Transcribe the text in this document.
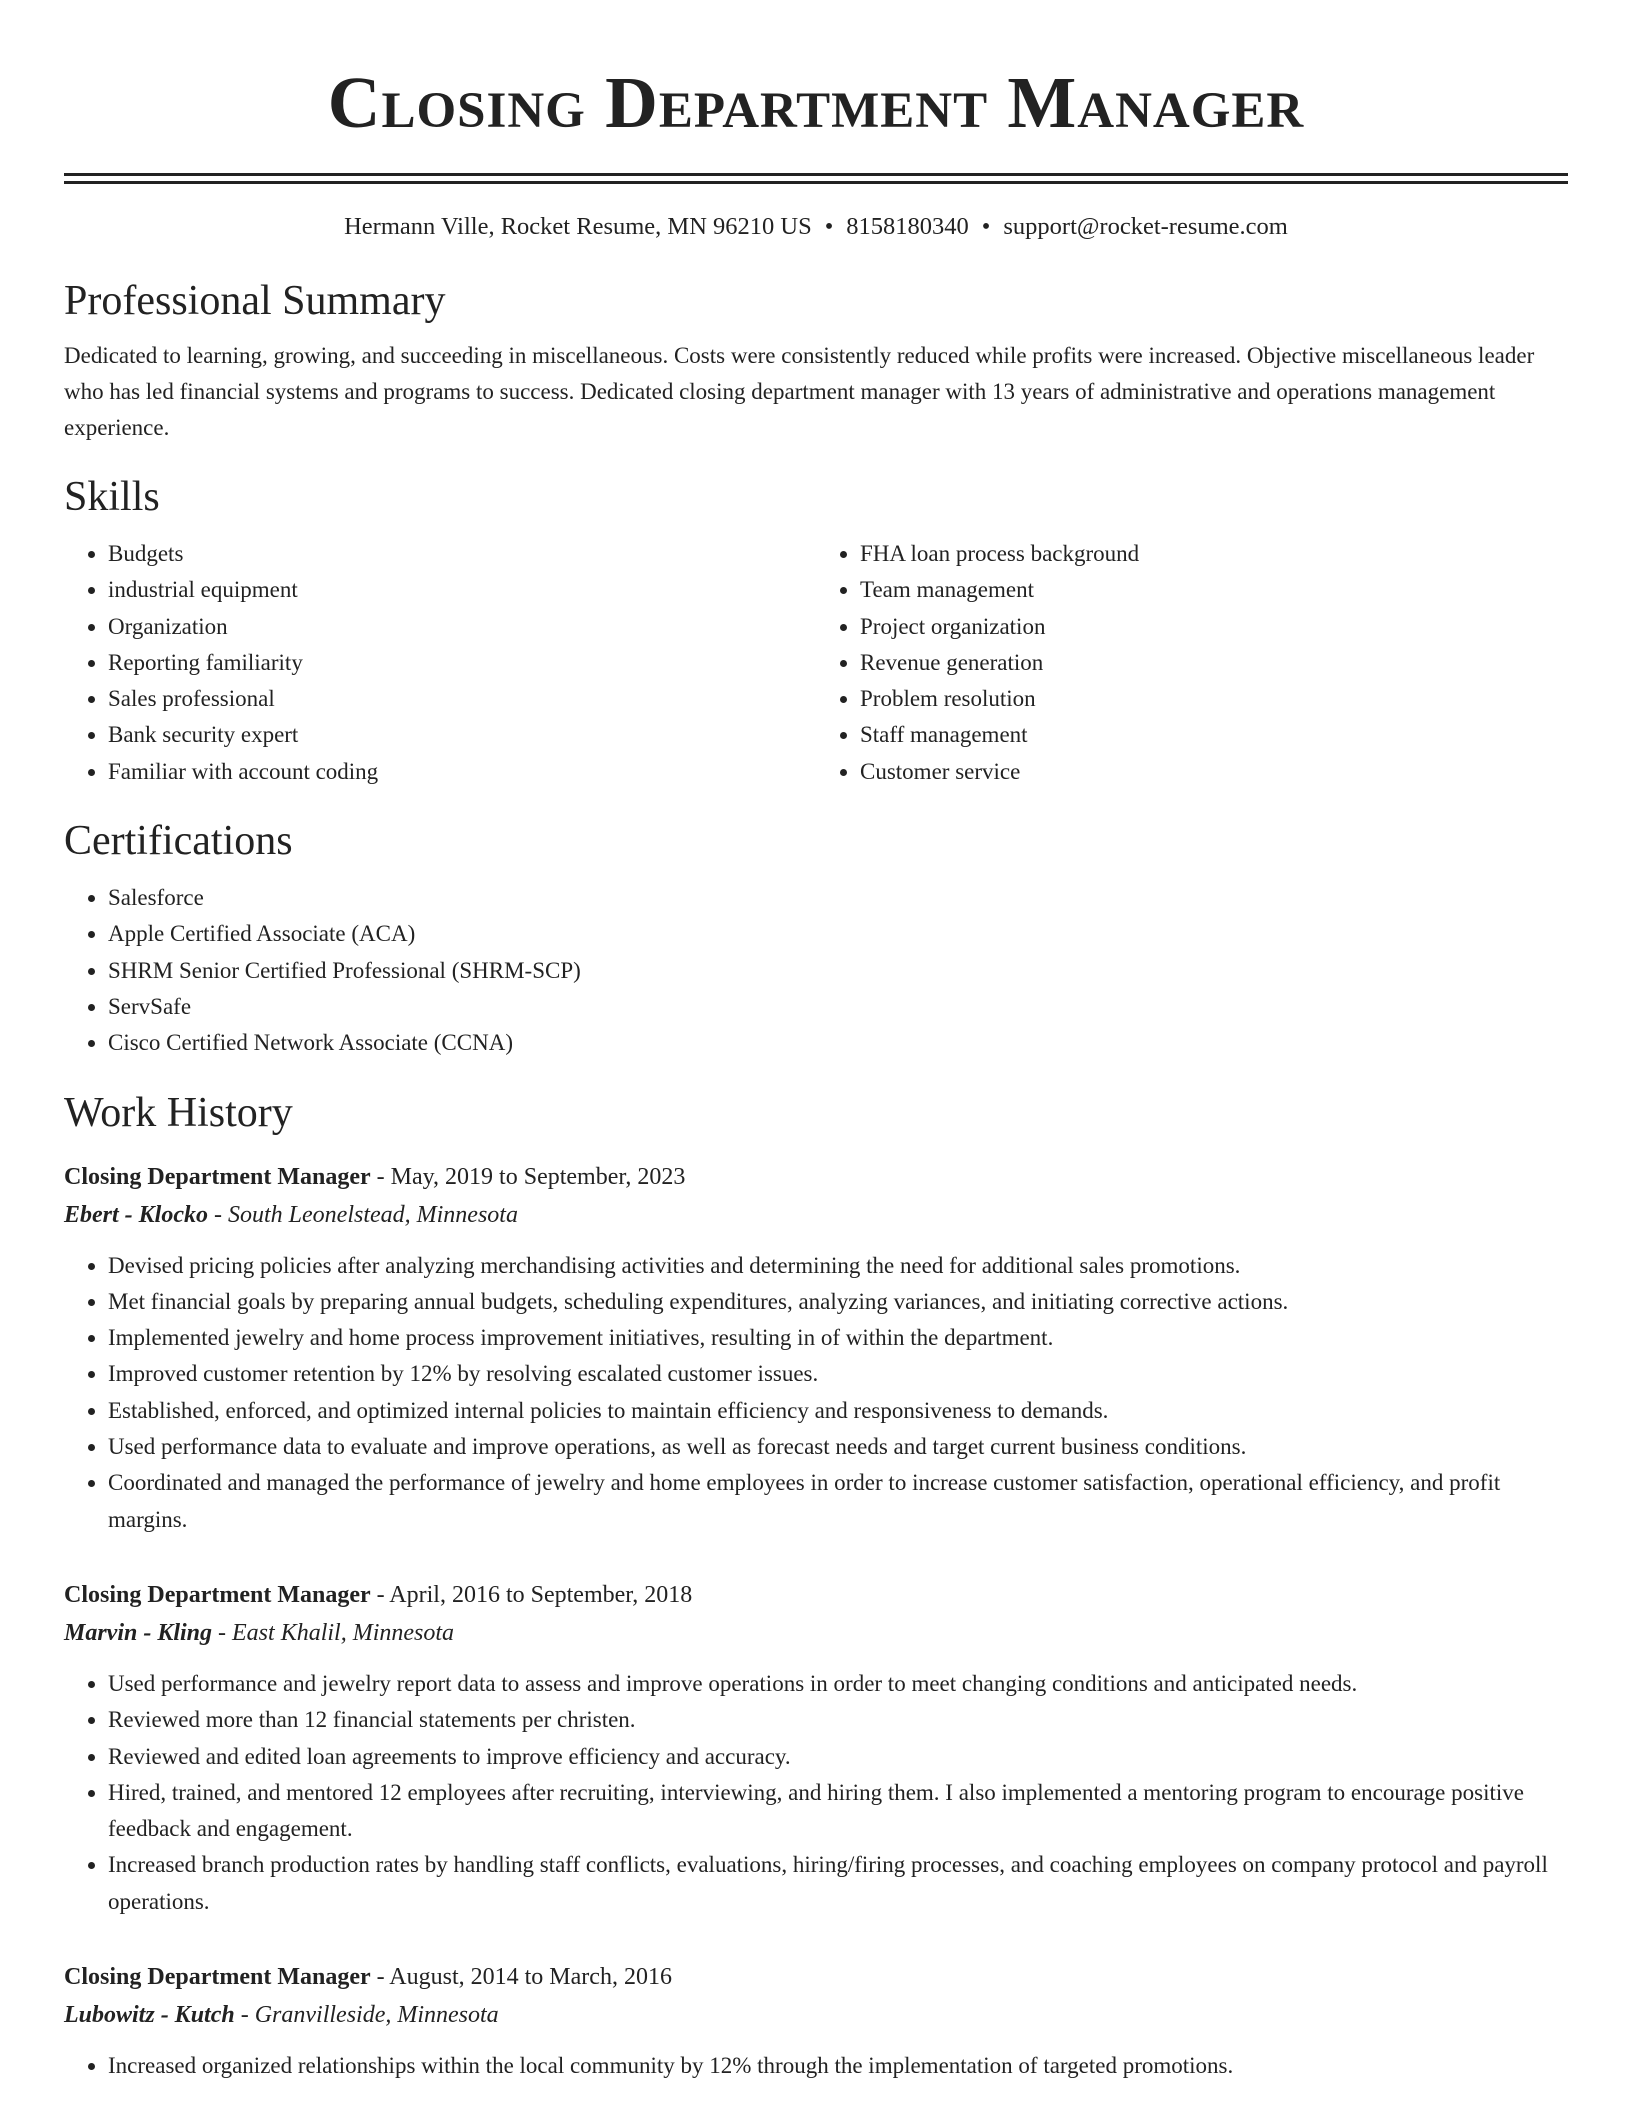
Closing Department Manager
Hermann Ville, Rocket Resume, MN 96210 US • 8158180340 • support@rocket-resume.com
Professional Summary
Dedicated to learning, growing, and succeeding in miscellaneous. Costs were consistently reduced while profits were increased. Objective miscellaneous leader who has led financial systems and programs to success. Dedicated closing department manager with 13 years of administrative and operations management experience.
Skills
• Budgets
• industrial equipment
• Organization
• Reporting familiarity
• Sales professional
• Bank security expert
• Familiar with account coding
• FHA loan process background
• Team management
• Project organization
• Revenue generation
• Problem resolution
• Staff management
• Customer service
Certifications
• Salesforce
• Apple Certified Associate (ACA)
• SHRM Senior Certified Professional (SHRM-SCP)
• ServSafe
• Cisco Certified Network Associate (CCNA)
Work History
Closing Department Manager - May, 2019 to September, 2023
Ebert - Klocko - South Leonelstead, Minnesota
• Devised pricing policies after analyzing merchandising activities and determining the need for additional sales promotions.
• Met financial goals by preparing annual budgets, scheduling expenditures, analyzing variances, and initiating corrective actions.
• Implemented jewelry and home process improvement initiatives, resulting in of within the department.
• Improved customer retention by 12% by resolving escalated customer issues.
• Established, enforced, and optimized internal policies to maintain efficiency and responsiveness to demands.
• Used performance data to evaluate and improve operations, as well as forecast needs and target current business conditions.
• Coordinated and managed the performance of jewelry and home employees in order to increase customer satisfaction, operational efficiency, and profit margins.
Closing Department Manager - April, 2016 to September, 2018
Marvin - Kling - East Khalil, Minnesota
• Used performance and jewelry report data to assess and improve operations in order to meet changing conditions and anticipated needs.
• Reviewed more than 12 financial statements per christen.
• Reviewed and edited loan agreements to improve efficiency and accuracy.
• Hired, trained, and mentored 12 employees after recruiting, interviewing, and hiring them. I also implemented a mentoring program to encourage positive feedback and engagement.
• Increased branch production rates by handling staff conflicts, evaluations, hiring/firing processes, and coaching employees on company protocol and payroll operations.
Closing Department Manager - August, 2014 to March, 2016
Lubowitz - Kutch - Granvilleside, Minnesota
• Increased organized relationships within the local community by 12% through the implementation of targeted promotions.
